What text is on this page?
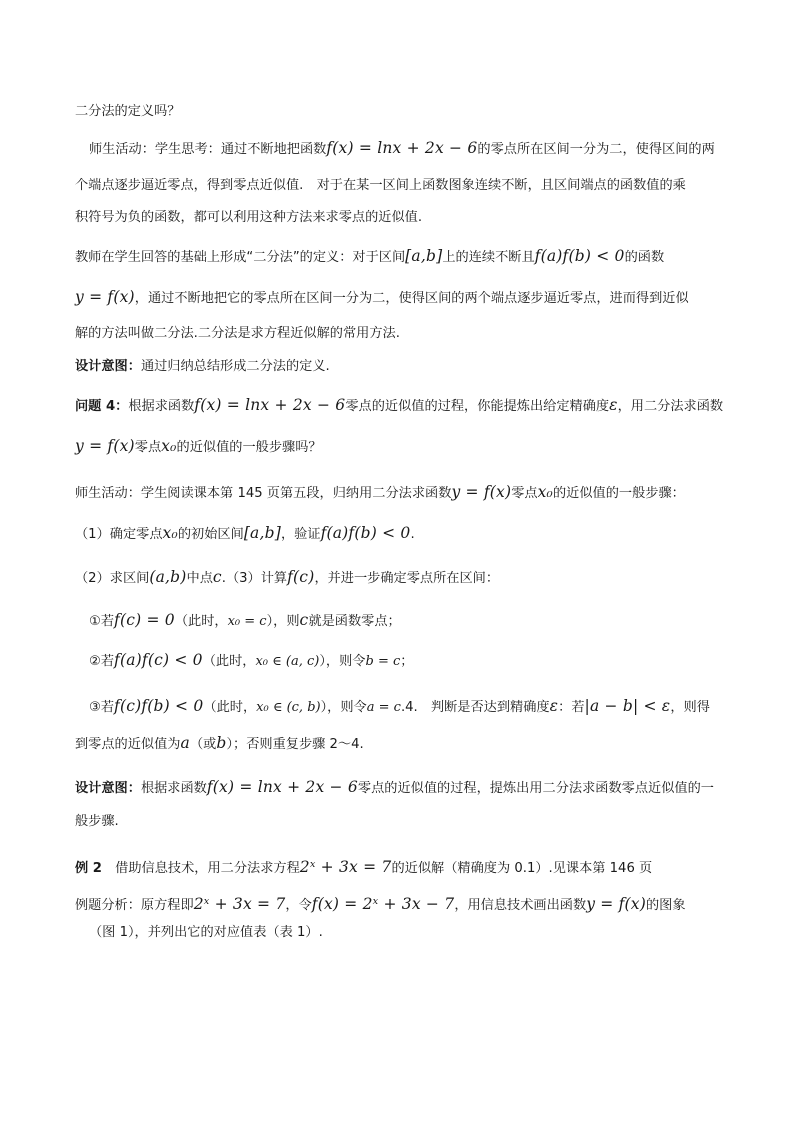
二分法的定义吗？

师生活动：学生思考：通过不断地把函数f(x) = lnx + 2x − 6的零点所在区间一分为二，使得区间的两

个端点逐步逼近零点，得到零点近似值.　对于在某一区间上函数图象连续不断，且区间端点的函数值的乘

积符号为负的函数，都可以利用这种方法来求零点的近似值.

教师在学生回答的基础上形成“二分法”的定义：对于区间[a,b]上的连续不断且f(a)f(b) < 0的函数

y = f(x)，通过不断地把它的零点所在区间一分为二，使得区间的两个端点逐步逼近零点，进而得到近似

解的方法叫做二分法.二分法是求方程近似解的常用方法.

设计意图：通过归纳总结形成二分法的定义.

问题 4：根据求函数f(x) = lnx + 2x − 6零点的近似值的过程，你能提炼出给定精确度ε，用二分法求函数

y = f(x)零点x₀的近似值的一般步骤吗？

师生活动：学生阅读课本第 145 页第五段，归纳用二分法求函数y = f(x)零点x₀的近似值的一般步骤：

（1）确定零点x₀的初始区间[a,b]，验证f(a)f(b) < 0.

（2）求区间(a,b)中点c.（3）计算f(c)，并进一步确定零点所在区间：

①若f(c) = 0（此时，x₀ = c），则c就是函数零点；

②若f(a)f(c) < 0（此时，x₀ ∈ (a, c)），则令b = c；

③若f(c)f(b) < 0（此时，x₀ ∈ (c, b)），则令a = c.4.　判断是否达到精确度ε：若|a − b| < ε，则得

到零点的近似值为a（或b）；否则重复步骤 2～4.

设计意图：根据求函数f(x) = lnx + 2x − 6零点的近似值的过程，提炼出用二分法求函数零点近似值的一

般步骤.

例 2　借助信息技术，用二分法求方程2ˣ + 3x = 7的近似解（精确度为 0.1）.见课本第 146 页

例题分析：原方程即2ˣ + 3x = 7，令f(x) = 2ˣ + 3x − 7，用信息技术画出函数y = f(x)的图象

（图 1），并列出它的对应值表（表 1）.
